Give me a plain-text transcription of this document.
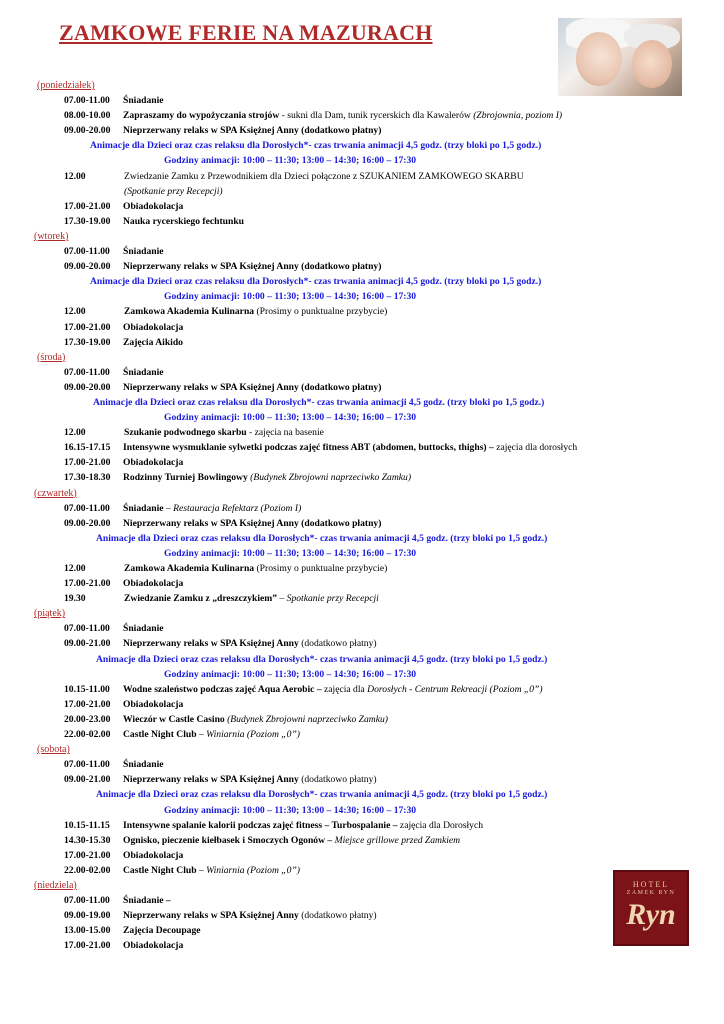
ZAMKOWE FERIE NA MAZURACH
(poniedziałek)
07.00-11.00 Śniadanie
08.00-10.00 Zapraszamy do wypożyczania strojów - sukni dla Dam, tunik rycerskich dla Kawalerów (Zbrojownia, poziom I)
09.00-20.00 Nieprzerwany relaks w SPA Księżnej Anny (dodatkowo płatny)
Animacje dla Dzieci oraz czas relaksu dla Dorosłych*- czas trwania animacji 4,5 godz. (trzy bloki po 1,5 godz.)
Godziny animacji: 10:00 – 11:30; 13:00 – 14:30; 16:00 – 17:30
12.00	Zwiedzanie Zamku z Przewodnikiem dla Dzieci połączone z SZUKANIEM ZAMKOWEGO SKARBU
(Spotkanie przy Recepcji)
17.00-21.00 Obiadokolacja
17.30-19.00 Nauka rycerskiego fechtunku
(wtorek)
07.00-11.00 Śniadanie
09.00-20.00 Nieprzerwany relaks w SPA Księżnej Anny (dodatkowo płatny)
Animacje dla Dzieci oraz czas relaksu dla Dorosłych*- czas trwania animacji 4,5 godz. (trzy bloki po 1,5 godz.)
Godziny animacji: 10:00 – 11:30; 13:00 – 14:30; 16:00 – 17:30
12.00	Zamkowa Akademia Kulinarna (Prosimy o punktualne przybycie)
17.00-21.00 Obiadokolacja
17.30-19.00 Zajęcia Aikido
(środa)
07.00-11.00 Śniadanie
09.00-20.00 Nieprzerwany relaks w SPA Księżnej Anny (dodatkowo płatny)
Animacje dla Dzieci oraz czas relaksu dla Dorosłych*- czas trwania animacji 4,5 godz. (trzy bloki po 1,5 godz.)
Godziny animacji: 10:00 – 11:30; 13:00 – 14:30; 16:00 – 17:30
12.00	Szukanie podwodnego skarbu - zajęcia na basenie
16.15-17.15 Intensywne wysmuklanie sylwetki podczas zajęć fitness ABT (abdomen, buttocks, thighs) – zajęcia dla dorosłych
17.00-21.00 Obiadokolacja
17.30-18.30 Rodzinny Turniej Bowlingowy (Budynek Zbrojowni naprzeciwko Zamku)
(czwartek)
07.00-11.00 Śniadanie – Restauracja Refektarz (Poziom I)
09.00-20.00 Nieprzerwany relaks w SPA Księżnej Anny (dodatkowo płatny)
Animacje dla Dzieci oraz czas relaksu dla Dorosłych*- czas trwania animacji 4,5 godz. (trzy bloki po 1,5 godz.)
Godziny animacji: 10:00 – 11:30; 13:00 – 14:30; 16:00 – 17:30
12.00	Zamkowa Akademia Kulinarna (Prosimy o punktualne przybycie)
17.00-21.00 Obiadokolacja
19.30	Zwiedzanie Zamku z „dreszczykiem” – Spotkanie przy Recepcji
(piątek)
07.00-11.00 Śniadanie
09.00-21.00 Nieprzerwany relaks w SPA Księżnej Anny (dodatkowo płatny)
Animacje dla Dzieci oraz czas relaksu dla Dorosłych*- czas trwania animacji 4,5 godz. (trzy bloki po 1,5 godz.)
Godziny animacji: 10:00 – 11:30; 13:00 – 14:30; 16:00 – 17:30
10.15-11.00 Wodne szaleństwo podczas zajęć Aqua Aerobic – zajęcia dla Dorosłych - Centrum Rekreacji (Poziom „0”)
17.00-21.00 Obiadokolacja
20.00-23.00 Wieczór w Castle Casino (Budynek Zbrojowni naprzeciwko Zamku)
22.00-02.00 Castle Night Club – Winiarnia (Poziom „0”)
(sobota)
07.00-11.00 Śniadanie
09.00-21.00 Nieprzerwany relaks w SPA Księżnej Anny (dodatkowo płatny)
Animacje dla Dzieci oraz czas relaksu dla Dorosłych*- czas trwania animacji 4,5 godz. (trzy bloki po 1,5 godz.)
Godziny animacji: 10:00 – 11:30; 13:00 – 14:30; 16:00 – 17:30
10.15-11.15 Intensywne spalanie kalorii podczas zajęć fitness – Turbospalanie – zajęcia dla Dorosłych
14.30-15.30 Ognisko, pieczenie kiełbasek i Smoczych Ogonów – Miejsce grillowe przed Zamkiem
17.00-21.00 Obiadokolacja
22.00-02.00 Castle Night Club – Winiarnia (Poziom „0”)
(niedziela)
07.00-11.00 Śniadanie –
09.00-19.00 Nieprzerwany relaks w SPA Księżnej Anny (dodatkowo płatny)
13.00-15.00 Zajęcia Decoupage
17.00-21.00 Obiadokolacja
HOTEL
ZAMEK RYN
Ryn
